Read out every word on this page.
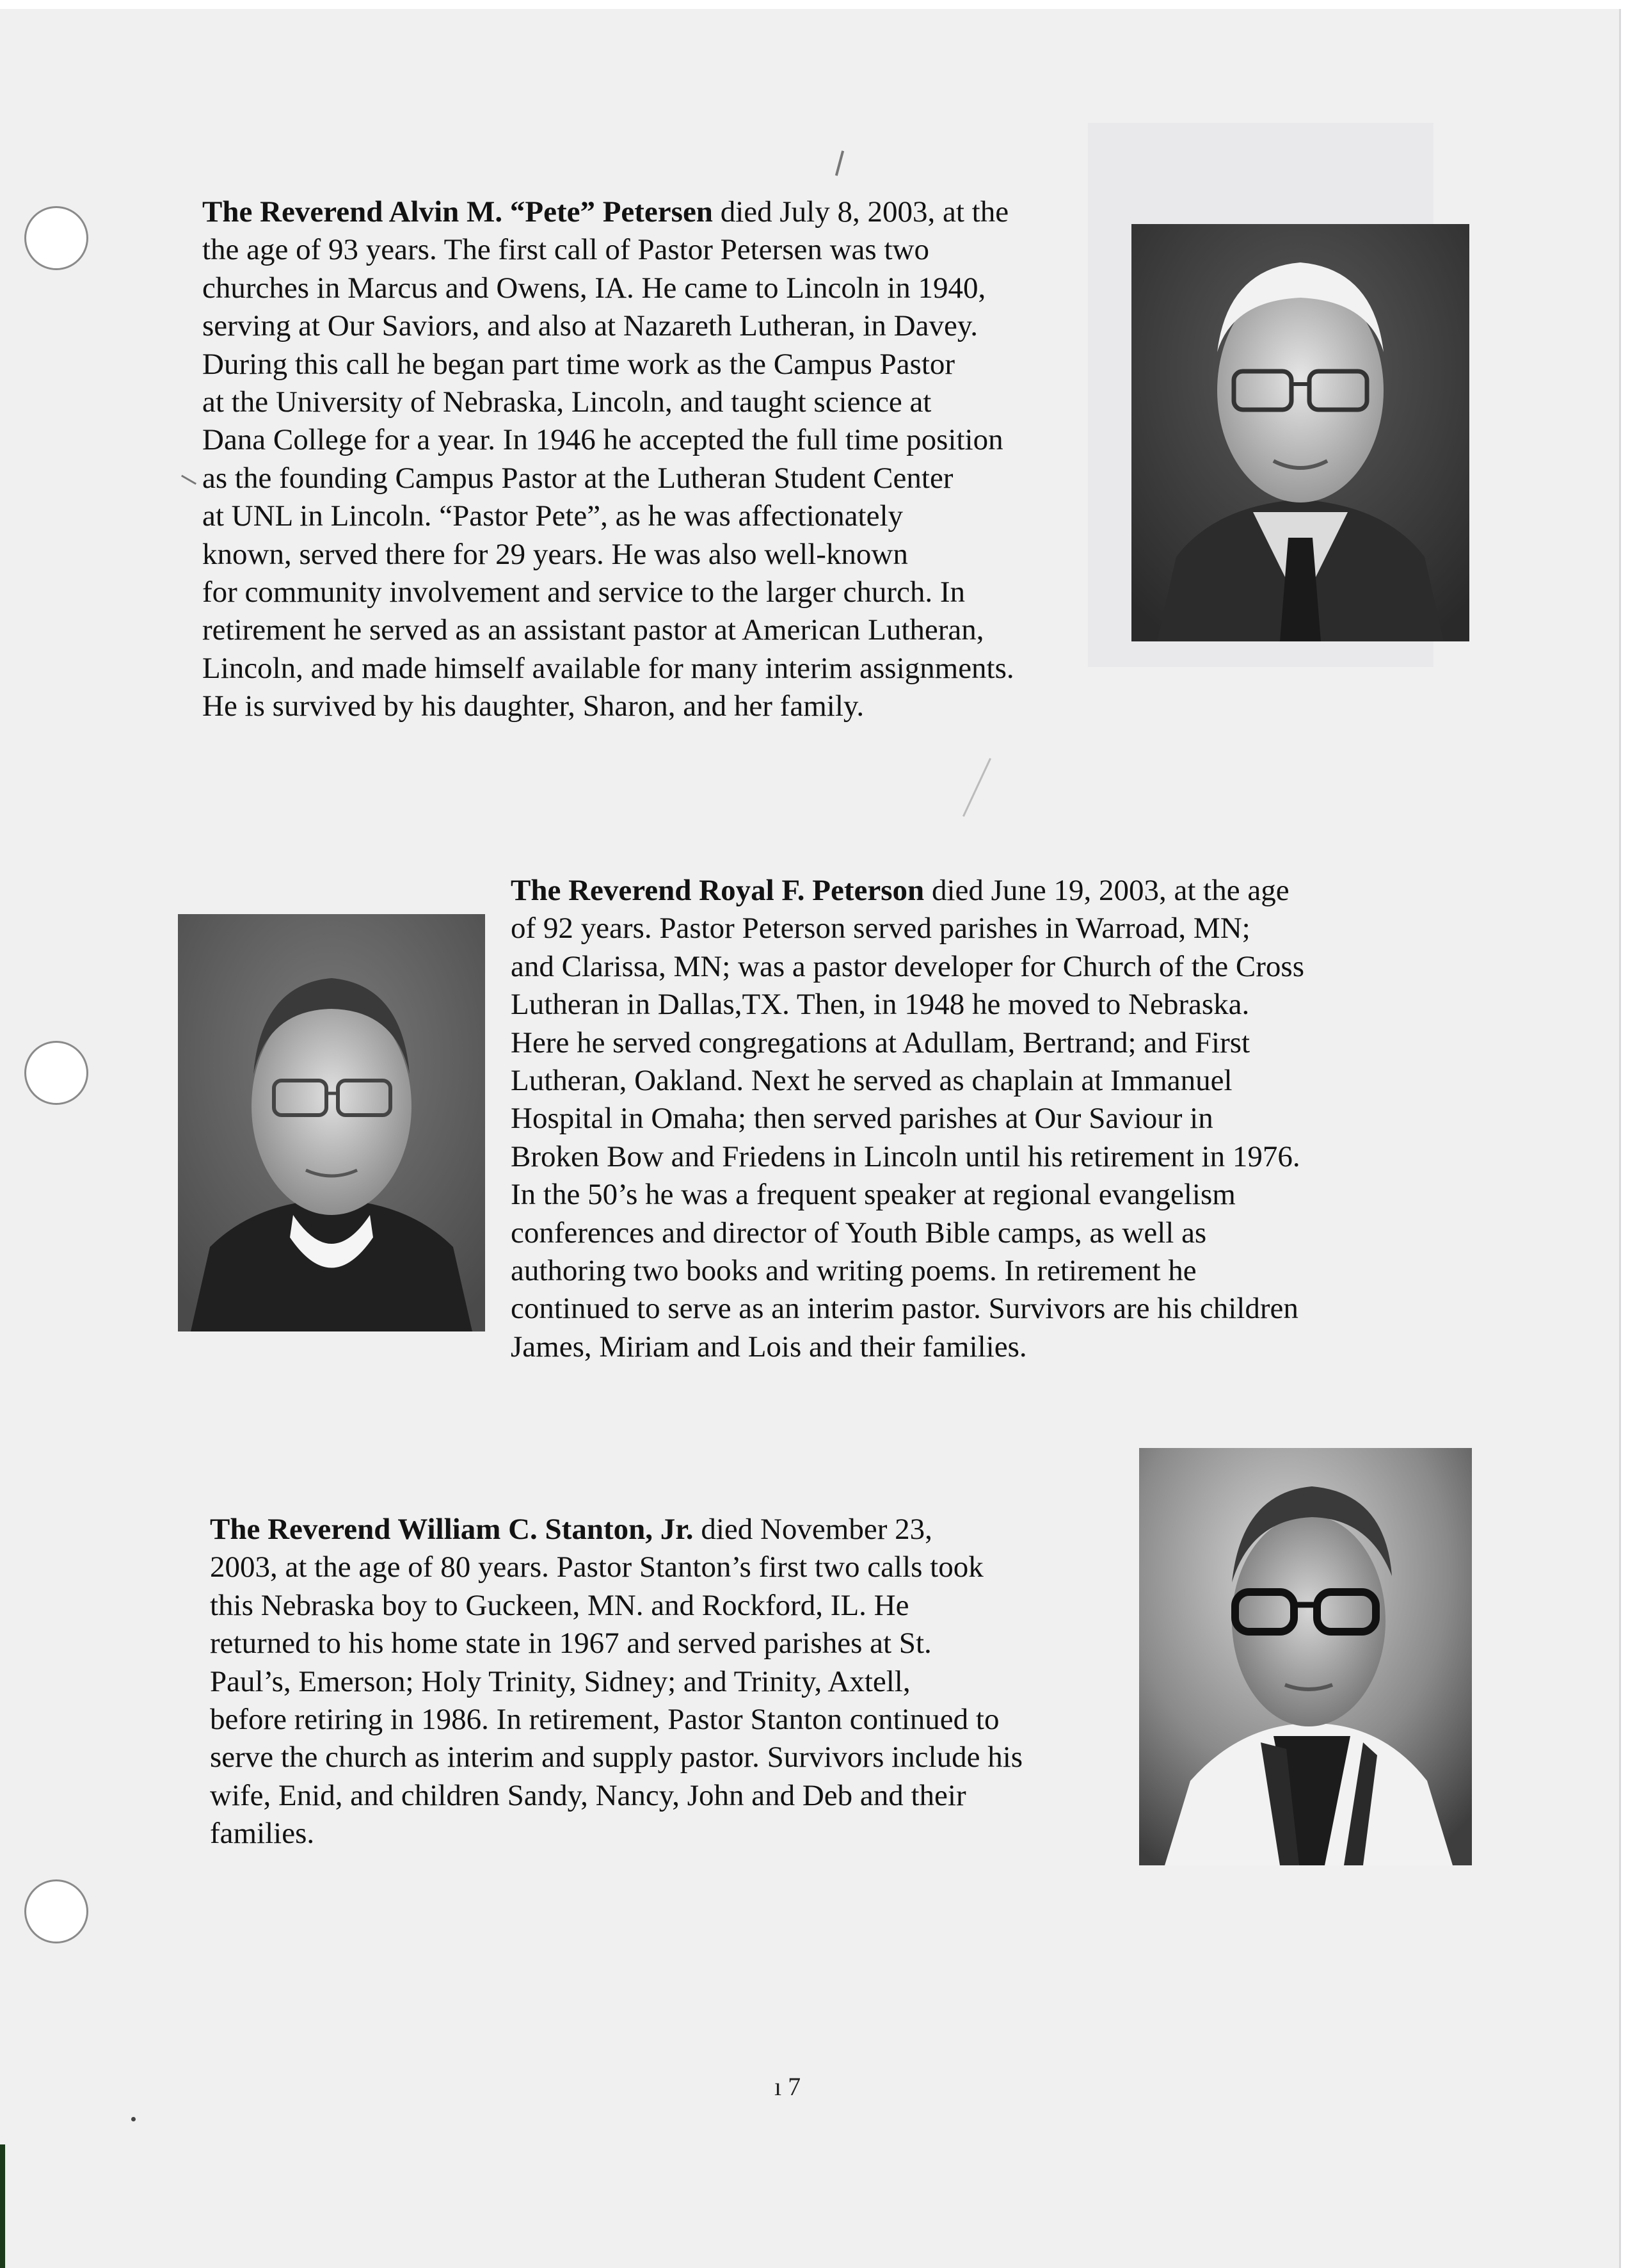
The Reverend Alvin M. “Pete” Petersen died July 8, 2003, at the
the age of 93 years. The first call of Pastor Petersen was two
churches in Marcus and Owens, IA. He came to Lincoln in 1940,
serving at Our Saviors, and also at Nazareth Lutheran, in Davey.
During this call he began part time work as the Campus Pastor
at the University of Nebraska, Lincoln, and taught science at
Dana College for a year. In 1946 he accepted the full time position
as the founding Campus Pastor at the Lutheran Student Center
at UNL in Lincoln. “Pastor Pete”, as he was affectionately
known, served there for 29 years. He was also well-known
for community involvement and service to the larger church. In
retirement he served as an assistant pastor at American Lutheran,
Lincoln, and made himself available for many interim assignments.
He is survived by his daughter, Sharon, and her family.
The Reverend Royal F. Peterson died June 19, 2003, at the age
of 92 years. Pastor Peterson served parishes in Warroad, MN;
and Clarissa, MN; was a pastor developer for Church of the Cross
Lutheran in Dallas,TX. Then, in 1948 he moved to Nebraska.
Here he served congregations at Adullam, Bertrand; and First
Lutheran, Oakland. Next he served as chaplain at Immanuel
Hospital in Omaha; then served parishes at Our Saviour in
Broken Bow and Friedens in Lincoln until his retirement in 1976.
In the 50’s he was a frequent speaker at regional evangelism
conferences and director of Youth Bible camps, as well as
authoring two books and writing poems. In retirement he
continued to serve as an interim pastor. Survivors are his children
James, Miriam and Lois and their families.
The Reverend William C. Stanton, Jr. died November 23,
2003, at the age of 80 years. Pastor Stanton’s first two calls took
this Nebraska boy to Guckeen, MN. and Rockford, IL. He
returned to his home state in 1967 and served parishes at St.
Paul’s, Emerson; Holy Trinity, Sidney; and Trinity, Axtell,
before retiring in 1986. In retirement, Pastor Stanton continued to
serve the church as interim and supply pastor. Survivors include his
wife, Enid, and children Sandy, Nancy, John and Deb and their
families.
ı 7
